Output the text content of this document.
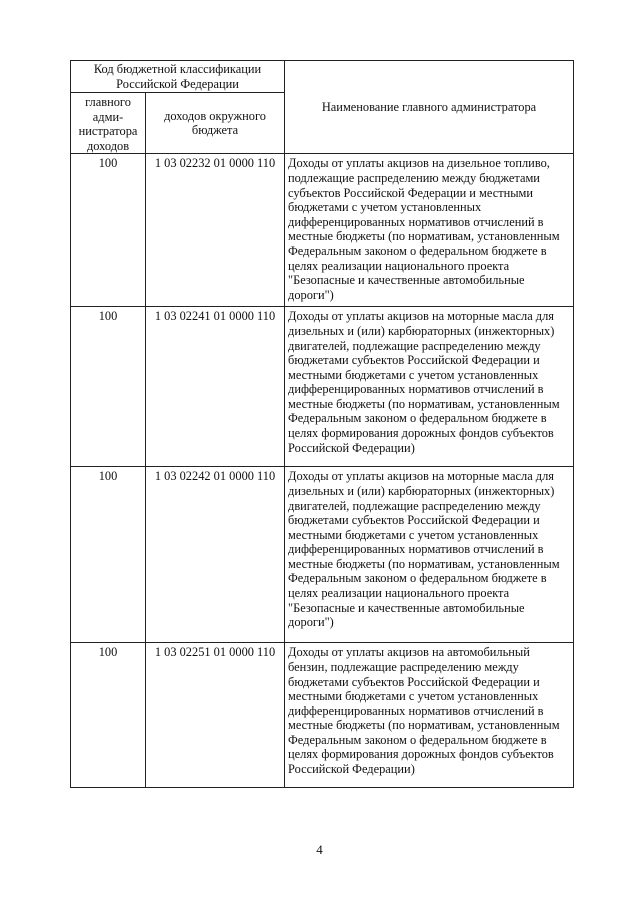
Код бюджетной классификации Российской Федерации		Наименование главного администратора
главного адми-нистратора доходов	доходов окружного бюджета	
100	1 03 02232 01 0000 110	Доходы от уплаты акцизов на дизельное топливо, подлежащие распределению между бюджетами субъектов Российской Федерации и местными бюджетами с учетом установленных дифференцированных нормативов отчислений в местные бюджеты (по нормативам, установленным Федеральным законом о федеральном бюджете в целях реализации национального проекта "Безопасные и качественные автомобильные дороги")
100	1 03 02241 01 0000 110	Доходы от уплаты акцизов на моторные масла для дизельных и (или) карбюраторных (инжекторных) двигателей, подлежащие распределению между бюджетами субъектов Российской Федерации и местными бюджетами с учетом установленных дифференцированных нормативов отчислений в местные бюджеты (по нормативам, установленным Федеральным законом о федеральном бюджете в целях формирования дорожных фондов субъектов Российской Федерации)
100	1 03 02242 01 0000 110	Доходы от уплаты акцизов на моторные масла для дизельных и (или) карбюраторных (инжекторных) двигателей, подлежащие распределению между бюджетами субъектов Российской Федерации и местными бюджетами с учетом установленных дифференцированных нормативов отчислений в местные бюджеты (по нормативам, установленным Федеральным законом о федеральном бюджете в целях реализации национального проекта "Безопасные и качественные автомобильные дороги")
100	1 03 02251 01 0000 110	Доходы от уплаты акцизов на автомобильный бензин, подлежащие распределению между бюджетами субъектов Российской Федерации и местными бюджетами с учетом установленных дифференцированных нормативов отчислений в местные бюджеты (по нормативам, установленным Федеральным законом о федеральном бюджете в целях формирования дорожных фондов субъектов Российской Федерации)
4
